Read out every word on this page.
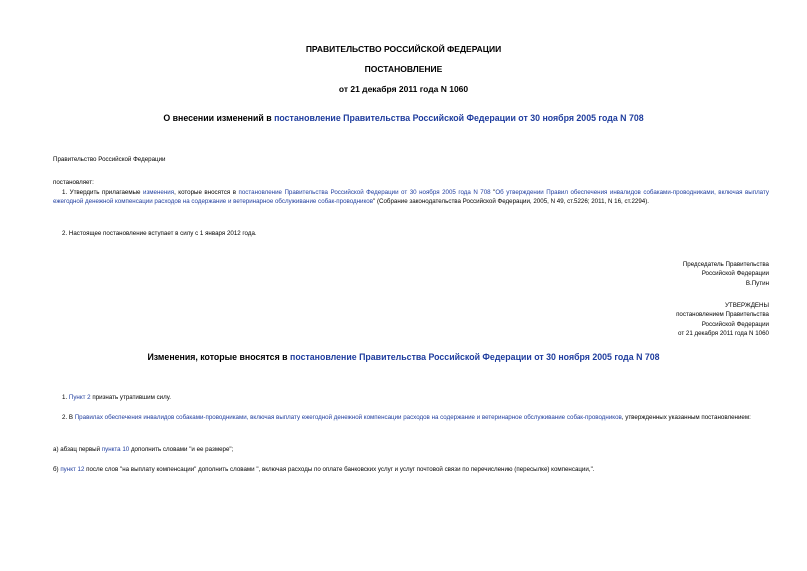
ПРАВИТЕЛЬСТВО РОССИЙСКОЙ ФЕДЕРАЦИИ
ПОСТАНОВЛЕНИЕ
от 21 декабря 2011 года N 1060
О внесении изменений в постановление Правительства Российской Федерации от 30 ноября 2005 года N 708
Правительство Российской Федерации
постановляет:
1. Утвердить прилагаемые изменения, которые вносятся в постановление Правительства Российской Федерации от 30 ноября 2005 года N 708 "Об утверждении Правил обеспечения инвалидов собаками-проводниками, включая выплату ежегодной денежной компенсации расходов на содержание и ветеринарное обслуживание собак-проводников" (Собрание законодательства Российской Федерации, 2005, N 49, ст.5226; 2011, N 16, ст.2294).
2. Настоящее постановление вступает в силу с 1 января 2012 года.
Председатель Правительства
Российской Федерации
В.Путин
УТВЕРЖДЕНЫ
постановлением Правительства
Российской Федерации
от 21 декабря 2011 года N 1060
Изменения, которые вносятся в постановление Правительства Российской Федерации от 30 ноября 2005 года N 708
1. Пункт 2 признать утратившим силу.
2. В Правилах обеспечения инвалидов собаками-проводниками, включая выплату ежегодной денежной компенсации расходов на содержание и ветеринарное обслуживание собак-проводников, утвержденных указанным постановлением:
а) абзац первый пункта 10 дополнить словами "и ее размере";
б) пункт 12 после слов "на выплату компенсации" дополнить словами ", включая расходы по оплате банковских услуг и услуг почтовой связи по перечислению (пересылке) компенсации,".
